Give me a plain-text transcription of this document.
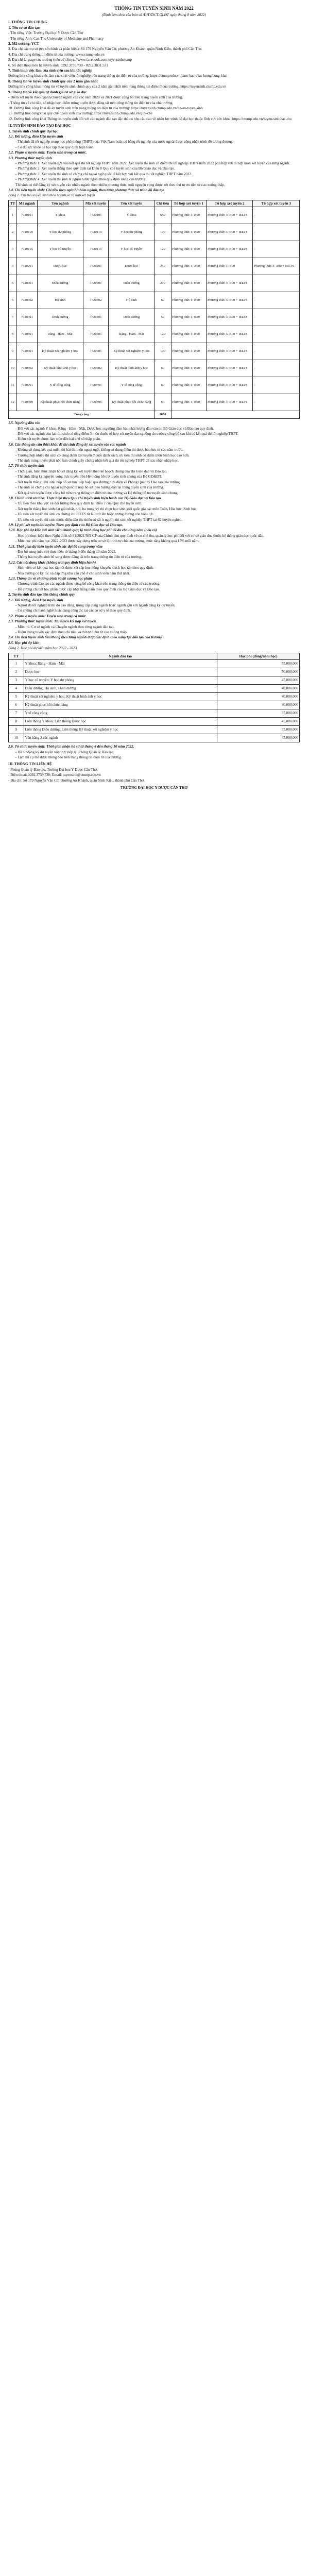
THÔNG TIN TUYỂN SINH NĂM 2022
(Định kèm theo văn bản số /ĐHYDCT-QLĐT ngày tháng 8 năm 2022)
I. THÔNG TIN CHUNG

1. Tên cơ sở đào tạo

- Tên tiếng Việt: Trường Đại học Y Dược Cần Thơ

- Tên tiếng Anh: Can Tho University of Medicine and Pharmacy

2. Mã trường: YCT

3. Địa chỉ các trụ sở (trụ sở chính và phân hiệu): Số 179 Nguyễn Văn Cừ, phường An Khánh, quận Ninh Kiều, thành phố Cần Thơ.

4. Địa chỉ trang thông tin điện tử của trường: www.ctump.edu.vn

5. Địa chỉ fanpage của trường (nếu có): https://www.facebook.com/tuyensinhctump

6. Số điện thoại liên hệ tuyển sinh: 0292.3739.730 - 0292.3831.531

7. Tình hình việc làm của sinh viên sau khi tốt nghiệp

Đường link công khai việc làm của sinh viên tốt nghiệp trên trang thông tin điện tử của trường: https://ctump.edu.vn/dam-bao-chat-luong/cong-khai

8. Thông tin về tuyển sinh chính quy của 2 năm gần nhất

Đường link công khai thông tin về tuyển sinh chính quy của 2 năm gần nhất trên trang thông tin điện tử của trường: https://tuyensinh.ctump.edu.vn

9. Thông tin về kết quả tự đánh giá cơ sở giáo dục

- Điểm xét tuyển theo ngành/chuyên ngành của các năm 2020 và 2021 được công bố trên trang tuyển sinh của trường.

- Thông tin về chỉ tiêu, số nhập học, điểm trúng tuyển được đăng tải trên cổng thông tin điện tử của nhà trường.

10. Đường link công khai đề án tuyển sinh trên trang thông tin điện tử của trường: https://tuyensinh.ctump.edu.vn/de-an-tuyen-sinh

11. Đường link công khai quy chế tuyển sinh của trường: https://tuyensinh.ctump.edu.vn/quy-che

12. Đường link công khai Thông tin tuyển sinh đối với các ngành đào tạo đặc thù có nhu cầu cao về nhân lực trình độ đại học thuộc lĩnh vực sức khỏe: https://ctump.edu.vn/tuyen-sinh/dac-thu

II. TUYỂN SINH ĐÀO TẠO ĐẠI HỌC

1. Tuyển sinh chính quy đại học

1.1. Đối tượng, điều kiện tuyển sinh

- Thí sinh đã tốt nghiệp trung học phổ thông (THPT) của Việt Nam hoặc có bằng tốt nghiệp của nước ngoài được công nhận trình độ tương đương.

- Có đủ sức khỏe để học tập theo quy định hiện hành.

1.2. Phạm vi tuyển sinh: Tuyển sinh trong cả nước.

1.3. Phương thức tuyển sinh

- Phương thức 1: Xét tuyển dựa vào kết quả thi tốt nghiệp THPT năm 2022. Xét tuyển thí sinh có điểm thi tốt nghiệp THPT năm 2022 phù hợp với tổ hợp môn xét tuyển của từng ngành.

- Phương thức 2: Xét tuyển thẳng theo quy định tại Điều 8 Quy chế tuyển sinh của Bộ Giáo dục và Đào tạo.

- Phương thức 3: Xét tuyển thí sinh có chứng chỉ ngoại ngữ quốc tế kết hợp với kết quả thi tốt nghiệp THPT năm 2022.

- Phương thức 4: Xét tuyển thí sinh là người nước ngoài theo quy định riêng của trường.

Thí sinh có thể đăng ký xét tuyển vào nhiều ngành theo nhiều phương thức, mỗi nguyện vọng được xét theo thứ tự ưu tiên từ cao xuống thấp.

1.4. Chỉ tiêu tuyển sinh: Chỉ tiêu theo ngành/nhóm ngành, theo từng phương thức và trình độ đào tạo

Bảng 1. Chỉ tiêu tuyển sinh theo ngành và tổ hợp xét tuyển

TT	Mã ngành	Tên ngành	Mã xét tuyển	Tên xét tuyển	Chỉ tiêu	Tổ hợp xét tuyển 1	Tổ hợp xét tuyển 2	Tổ hợp xét tuyển 3
1	7720101	Y khoa	7720101	Y khoa	650	Phương thức 1: B00	Phương thức 3: B00 + IELTS	-
2	7720110	Y học dự phòng	7720110	Y học dự phòng	100	Phương thức 1: B00	Phương thức 3: B00 + IELTS	-
3	7720115	Y học cổ truyền	7720115	Y học cổ truyền	120	Phương thức 1: B00	Phương thức 3: B00 + IELTS	-
4	7720201	Dược học	7720201	Dược học	250	Phương thức 1: A00	Phương thức 1: B00	Phương thức 3: A00 + IELTS
5	7720301	Điều dưỡng	7720301	Điều dưỡng	200	Phương thức 1: B00	Phương thức 3: B00 + IELTS	-
6	7720302	Hộ sinh	7720302	Hộ sinh	60	Phương thức 1: B00	Phương thức 3: B00 + IELTS	-
7	7720401	Dinh dưỡng	7720401	Dinh dưỡng	50	Phương thức 1: B00	Phương thức 3: B00 + IELTS	-
8	7720501	Răng - Hàm - Mặt	7720501	Răng - Hàm - Mặt	120	Phương thức 1: B00	Phương thức 3: B00 + IELTS	-
9	7720601	Kỹ thuật xét nghiệm y học	7720601	Kỹ thuật xét nghiệm y học	100	Phương thức 1: B00	Phương thức 3: B00 + IELTS	-
10	7720602	Kỹ thuật hình ảnh y học	7720602	Kỹ thuật hình ảnh y học	60	Phương thức 1: B00	Phương thức 3: B00 + IELTS	-
11	7720701	Y tế công cộng	7720701	Y tế công cộng	60	Phương thức 1: B00	Phương thức 3: B00 + IELTS	-
12	7720699	Kỹ thuật phục hồi chức năng	7720699	Kỹ thuật phục hồi chức năng	60	Phương thức 1: B00	Phương thức 3: B00 + IELTS	-
Tổng cộng					1830			

1.5. Ngưỡng đầu vào

- Đối với các ngành Y khoa, Răng - Hàm - Mặt, Dược học: ngưỡng đảm bảo chất lượng đầu vào do Bộ Giáo dục và Đào tạo quy định.

- Đối với các ngành còn lại: thí sinh có tổng điểm 3 môn thuộc tổ hợp xét tuyển đạt ngưỡng do trường công bố sau khi có kết quả thi tốt nghiệp THPT.

- Điểm xét tuyển được làm tròn đến hai chữ số thập phân.

1.6. Các thông tin cần thiết khác để thí sinh đăng ký xét tuyển vào các ngành

- Không sử dụng kết quả miễn thi bài thi môn ngoại ngữ, không sử dụng điểm thi được bảo lưu từ các năm trước.

- Trường hợp nhiều thí sinh có cùng điểm xét tuyển ở cuối danh sách, ưu tiên thí sinh có điểm môn Sinh học cao hơn.

- Thí sinh trúng tuyển phải nộp bản chính giấy chứng nhận kết quả thi tốt nghiệp THPT để xác nhận nhập học.

1.7. Tổ chức tuyển sinh

- Thời gian, hình thức nhận hồ sơ đăng ký xét tuyển theo kế hoạch chung của Bộ Giáo dục và Đào tạo.

- Thí sinh đăng ký nguyện vọng trực tuyến trên Hệ thống hỗ trợ tuyển sinh chung của Bộ GD&ĐT.

- Xét tuyển thẳng: Thí sinh nộp hồ sơ trực tiếp hoặc qua đường bưu điện về Phòng Quản lý Đào tạo của trường.

- Thí sinh có chứng chỉ ngoại ngữ quốc tế nộp hồ sơ theo hướng dẫn tại trang tuyển sinh của trường.

- Kết quả xét tuyển được công bố trên trang thông tin điện tử của trường và Hệ thống hỗ trợ tuyển sinh chung.

1.8. Chính sách ưu tiên: Thực hiện theo Quy chế tuyển sinh hiện hành của Bộ Giáo dục và Đào tạo.

- Ưu tiên theo khu vực và đối tượng theo quy định tại Điều 7 của Quy chế tuyển sinh.

- Xét tuyển thẳng học sinh đạt giải nhất, nhì, ba trong kỳ thi chọn học sinh giỏi quốc gia các môn Toán, Hóa học, Sinh học.

- Ưu tiên xét tuyển thí sinh có chứng chỉ IELTS từ 6.0 trở lên hoặc tương đương còn hiệu lực.

- Ưu tiên xét tuyển thí sinh thuộc diện dân tộc thiểu số rất ít người, thí sinh tốt nghiệp THPT tại 62 huyện nghèo.

1.9. Lệ phí xét tuyển/thi tuyển: Theo quy định của Bộ Giáo dục và Đào tạo.

1.10. Học phí dự kiến với sinh viên chính quy; lộ trình tăng học phí tối đa cho từng năm (nếu có)

- Học phí thực hiện theo Nghị định số 81/2021/NĐ-CP của Chính phủ quy định về cơ chế thu, quản lý học phí đối với cơ sở giáo dục thuộc hệ thống giáo dục quốc dân.

- Mức học phí năm học 2022-2023 được xây dựng trên cơ sở lộ trình tự chủ của trường, mức tăng không quá 15% mỗi năm.

1.11. Thời gian dự kiến tuyển sinh các đợt bổ sung trong năm

- Đợt bổ sung (nếu có) thực hiện từ tháng 9 đến tháng 10 năm 2022.

- Thông báo tuyển sinh bổ sung được đăng tải trên trang thông tin điện tử của trường.

1.12. Các nội dung khác (không trái quy định hiện hành)

- Sinh viên có kết quả học tập tốt được xét cấp học bổng khuyến khích học tập theo quy định.

- Nhà trường có ký túc xá đáp ứng nhu cầu chỗ ở cho sinh viên năm thứ nhất.

1.13. Thông tin về chương trình và đề cương học phần

- Chương trình đào tạo các ngành được công bố công khai trên trang thông tin điện tử của trường.

- Đề cương chi tiết học phần được cập nhật hằng năm theo quy định của Bộ Giáo dục và Đào tạo.

2. Tuyển sinh đào tạo liên thông chính quy

2.1. Đối tượng, điều kiện tuyển sinh

- Người đã tốt nghiệp trình độ cao đẳng, trung cấp cùng ngành hoặc ngành gần với ngành đăng ký dự tuyển.

- Có chứng chỉ hành nghề hoặc đang công tác tại các cơ sở y tế theo quy định.

2.2. Phạm vi tuyển sinh: Tuyển sinh trong cả nước.

2.3. Phương thức tuyển sinh: Thi tuyển kết hợp xét tuyển.

- Môn thi: Cơ sở ngành và Chuyên ngành theo từng ngành đào tạo.

- Điểm trúng tuyển xác định theo chỉ tiêu và thứ tự điểm từ cao xuống thấp.

2.4. Chỉ tiêu tuyển sinh liên thông theo từng ngành được xác định theo năng lực đào tạo của trường.

2.5. Học phí dự kiến

Bảng 2. Học phí dự kiến năm học 2022 - 2023

TT	Ngành đào tạo	Học phí (đồng/năm học)
1	Y khoa; Răng - Hàm - Mặt	55.000.000
2	Dược học	50.000.000
3	Y học cổ truyền; Y học dự phòng	45.000.000
4	Điều dưỡng; Hộ sinh; Dinh dưỡng	40.000.000
5	Kỹ thuật xét nghiệm y học; Kỹ thuật hình ảnh y học	40.000.000
6	Kỹ thuật phục hồi chức năng	40.000.000
7	Y tế công cộng	35.000.000
8	Liên thông Y khoa; Liên thông Dược học	45.000.000
9	Liên thông Điều dưỡng; Liên thông Kỹ thuật xét nghiệm y học	35.000.000
10	Văn bằng 2 các ngành	45.000.000

2.6. Tổ chức tuyển sinh: Thời gian nhận hồ sơ từ tháng 8 đến tháng 10 năm 2022.

- Hồ sơ đăng ký dự tuyển nộp trực tiếp tại Phòng Quản lý Đào tạo.

- Lịch thi cụ thể được thông báo trên trang thông tin điện tử của trường.

III. THÔNG TIN LIÊN HỆ

- Phòng Quản lý Đào tạo, Trường Đại học Y Dược Cần Thơ.

- Điện thoại: 0292.3739.730; Email: tuyensinh@ctump.edu.vn

- Địa chỉ: Số 179 Nguyễn Văn Cừ, phường An Khánh, quận Ninh Kiều, thành phố Cần Thơ.

TRƯỜNG ĐẠI HỌC Y DƯỢC CẦN THƠ
